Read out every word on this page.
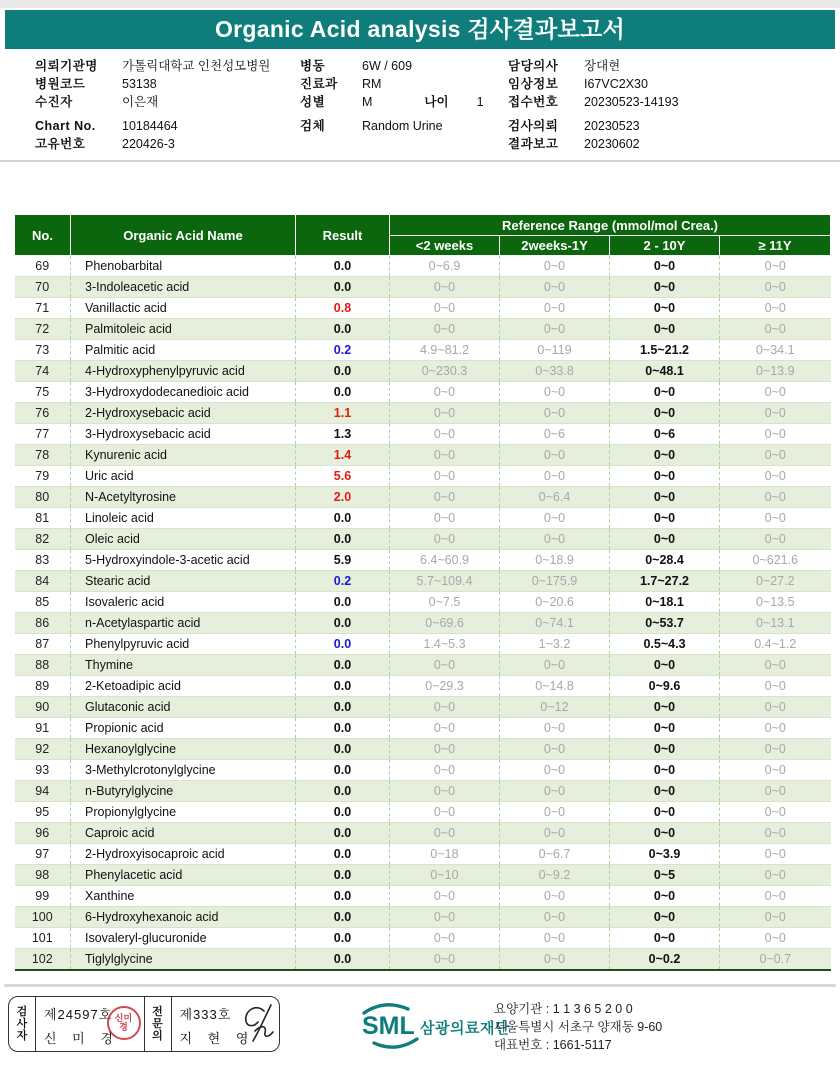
Organic Acid analysis 검사결과보고서
의뢰기관명 가톨릭대학교 인천성모병원
병원코드	53138
수진자	이은재
Chart No. 10184464
고유번호	220426-3
병동	6W / 609
진료과 RM
성별	M	나이 1
검체	Random Urine
담당의사 장대현
임상정보 I67VC2X30
접수번호 20230523-14193
검사의뢰 20230523
결과보고 20230602
No.	Organic Acid Name	Result	Reference Range (mmol/mol Crea.)			
			<2 weeks	2weeks-1Y	2 - 10Y	≥ 11Y
69	Phenobarbital	0.0	0~6.9	0~0	0~0	0~0
70	3-Indoleacetic acid	0.0	0~0	0~0	0~0	0~0
71	Vanillactic acid	0.8	0~0	0~0	0~0	0~0
72	Palmitoleic acid	0.0	0~0	0~0	0~0	0~0
73	Palmitic acid	0.2	4.9~81.2	0~119	1.5~21.2	0~34.1
74	4-Hydroxyphenylpyruvic acid	0.0	0~230.3	0~33.8	0~48.1	0~13.9
75	3-Hydroxydodecanedioic acid	0.0	0~0	0~0	0~0	0~0
76	2-Hydroxysebacic acid	1.1	0~0	0~0	0~0	0~0
77	3-Hydroxysebacic acid	1.3	0~0	0~6	0~6	0~0
78	Kynurenic acid	1.4	0~0	0~0	0~0	0~0
79	Uric acid	5.6	0~0	0~0	0~0	0~0
80	N-Acetyltyrosine	2.0	0~0	0~6.4	0~0	0~0
81	Linoleic acid	0.0	0~0	0~0	0~0	0~0
82	Oleic acid	0.0	0~0	0~0	0~0	0~0
83	5-Hydroxyindole-3-acetic acid	5.9	6.4~60.9	0~18.9	0~28.4	0~621.6
84	Stearic acid	0.2	5.7~109.4	0~175.9	1.7~27.2	0~27.2
85	Isovaleric acid	0.0	0~7.5	0~20.6	0~18.1	0~13.5
86	n-Acetylaspartic acid	0.0	0~69.6	0~74.1	0~53.7	0~13.1
87	Phenylpyruvic acid	0.0	1.4~5.3	1~3.2	0.5~4.3	0.4~1.2
88	Thymine	0.0	0~0	0~0	0~0	0~0
89	2-Ketoadipic acid	0.0	0~29.3	0~14.8	0~9.6	0~0
90	Glutaconic acid	0.0	0~0	0~12	0~0	0~0
91	Propionic acid	0.0	0~0	0~0	0~0	0~0
92	Hexanoylglycine	0.0	0~0	0~0	0~0	0~0
93	3-Methylcrotonylglycine	0.0	0~0	0~0	0~0	0~0
94	n-Butyrylglycine	0.0	0~0	0~0	0~0	0~0
95	Propionylglycine	0.0	0~0	0~0	0~0	0~0
96	Caproic acid	0.0	0~0	0~0	0~0	0~0
97	2-Hydroxyisocaproic acid	0.0	0~18	0~6.7	0~3.9	0~0
98	Phenylacetic acid	0.0	0~10	0~9.2	0~5	0~0
99	Xanthine	0.0	0~0	0~0	0~0	0~0
100	6-Hydroxyhexanoic acid	0.0	0~0	0~0	0~0	0~0
101	Isovaleryl-glucuronide	0.0	0~0	0~0	0~0	0~0
102	Tiglylglycine	0.0	0~0	0~0	0~0.2	0~0.7
검사자
제24597호
신 미 경
신미경
전문의
제333호
지 현 영	SML 삼광의료재단
요양기관 : 1 1 3 6 5 2 0 0
서울특별시 서초구 양재동 9-60
대표번호 : 1661-5117
